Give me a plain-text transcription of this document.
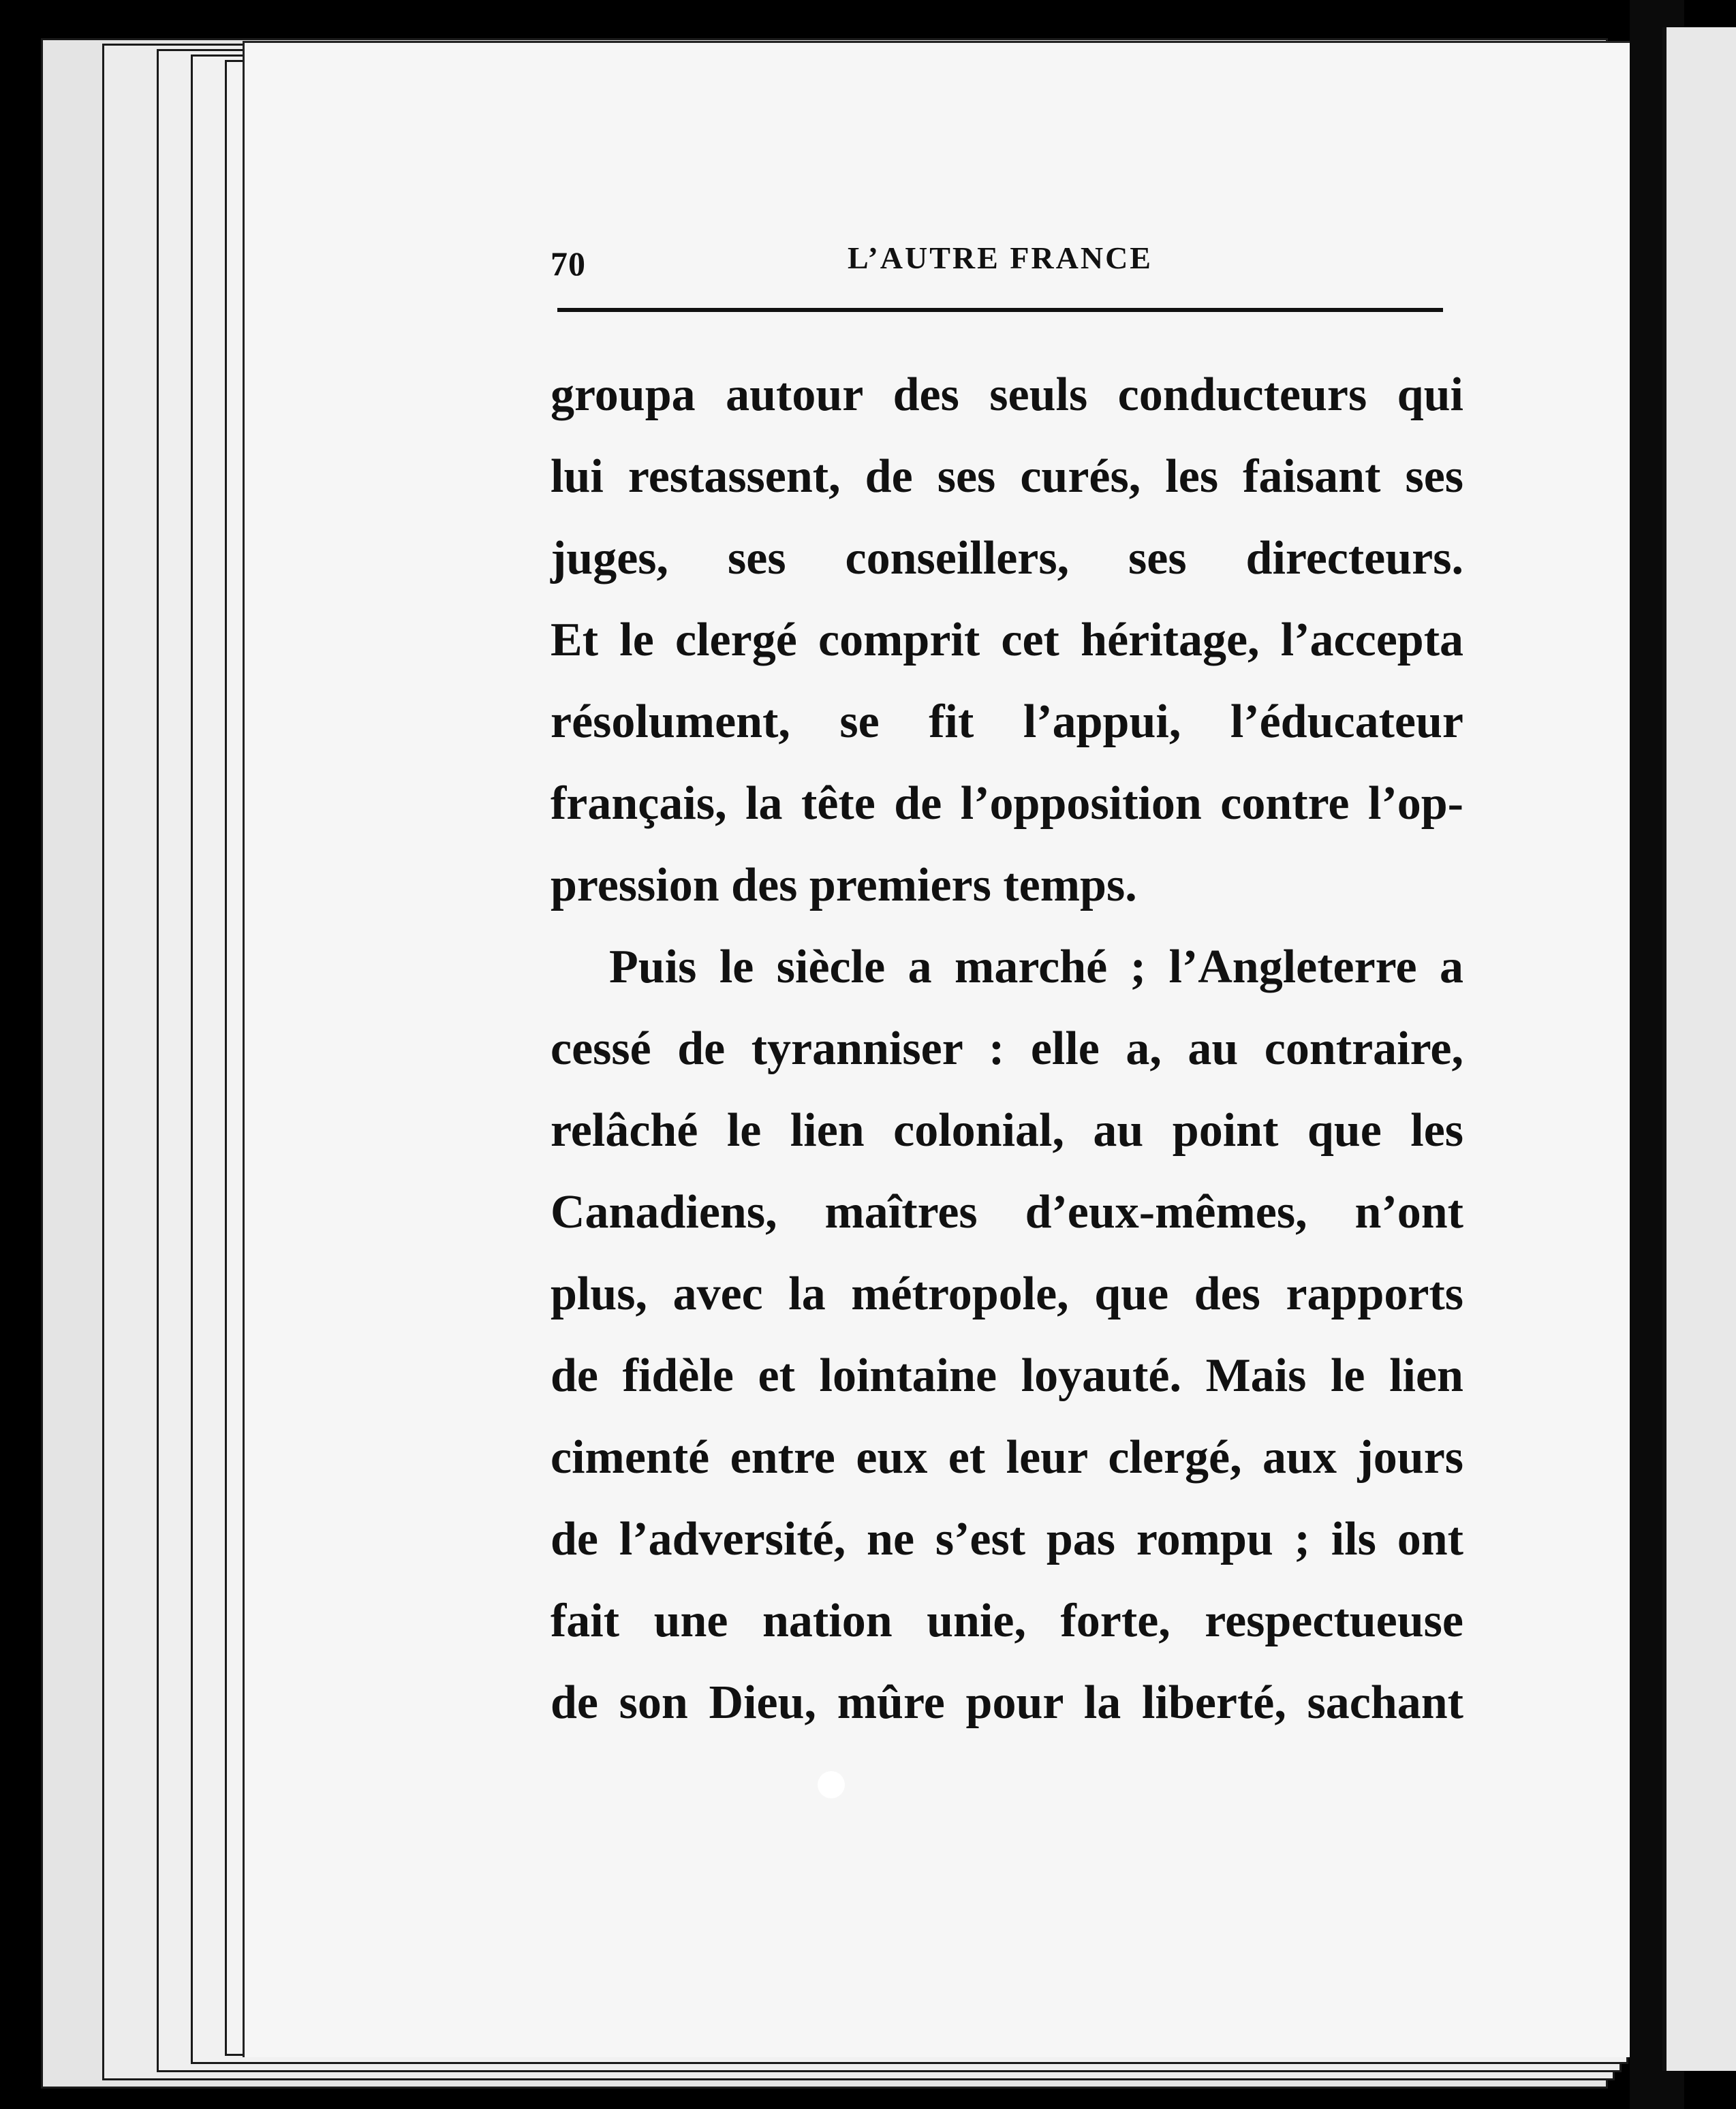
70	L’AUTRE FRANCE
groupa autour des seuls conducteurs qui
lui restassent, de ses curés, les faisant ses
juges, ses conseillers, ses directeurs.
Et le clergé comprit cet héritage, l’accepta
résolument, se fit l’appui, l’éducateur
français, la tête de l’opposition contre l’op-
pression des premiers temps.
Puis le siècle a marché ; l’Angleterre a
cessé de tyranniser : elle a, au contraire,
relâché le lien colonial, au point que les
Canadiens, maîtres d’eux-mêmes, n’ont
plus, avec la métropole, que des rapports
de fidèle et lointaine loyauté. Mais le lien
cimenté entre eux et leur clergé, aux jours
de l’adversité, ne s’est pas rompu ; ils ont
fait une nation unie, forte, respectueuse
de son Dieu, mûre pour la liberté, sachant
